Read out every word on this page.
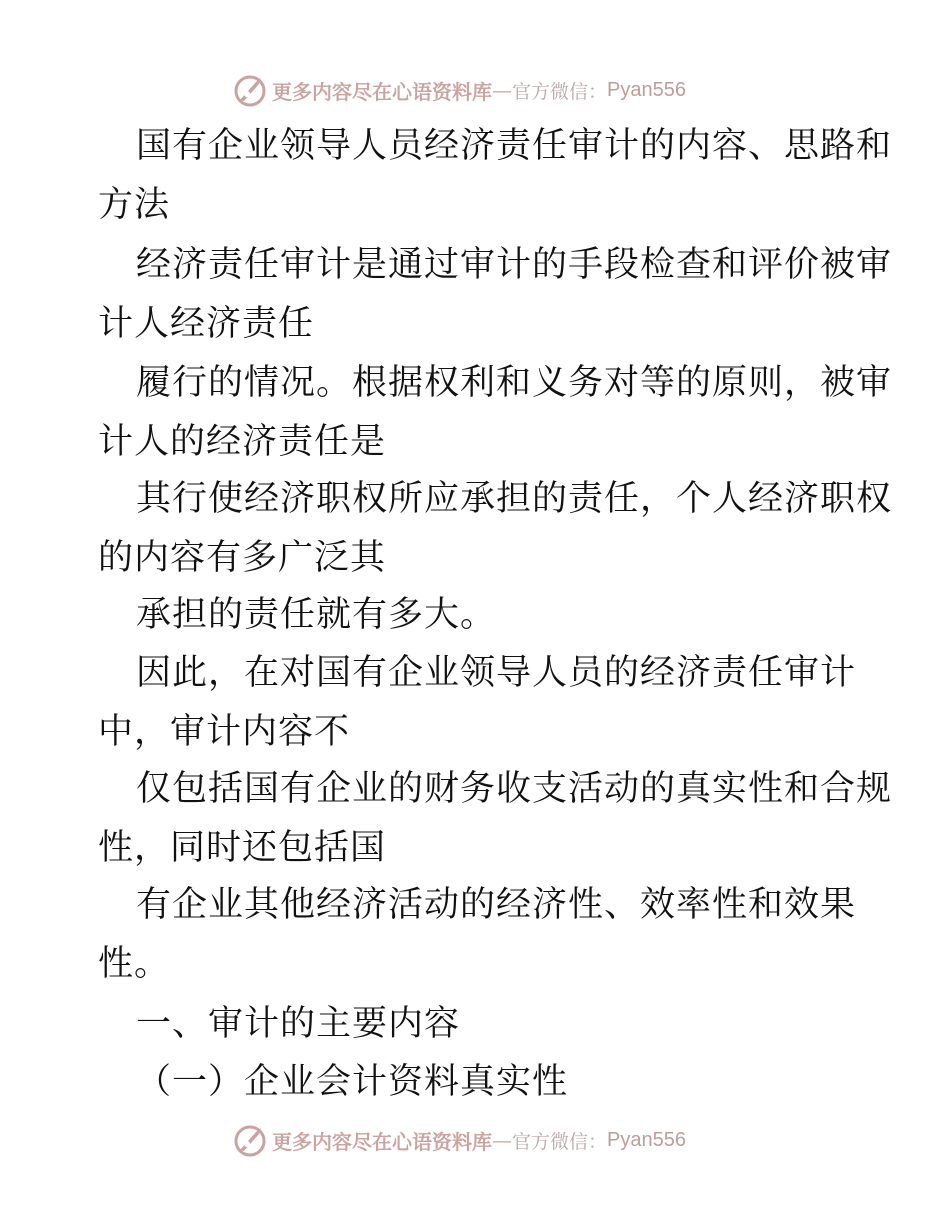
更多内容尽在心语资料库 — 官方微信： Pyan556
国有企业领导人员经济责任审计的内容、思路和
方法
经济责任审计是通过审计的手段检查和评价被审
计人经济责任
履行的情况。根据权利和义务对等的原则，被审
计人的经济责任是
其行使经济职权所应承担的责任，个人经济职权
的内容有多广泛其
承担的责任就有多大。
因此，在对国有企业领导人员的经济责任审计
中，审计内容不
仅包括国有企业的财务收支活动的真实性和合规
性，同时还包括国
有企业其他经济活动的经济性、效率性和效果
性。
一、审计的主要内容
（一）企业会计资料真实性
更多内容尽在心语资料库 — 官方微信： Pyan556
